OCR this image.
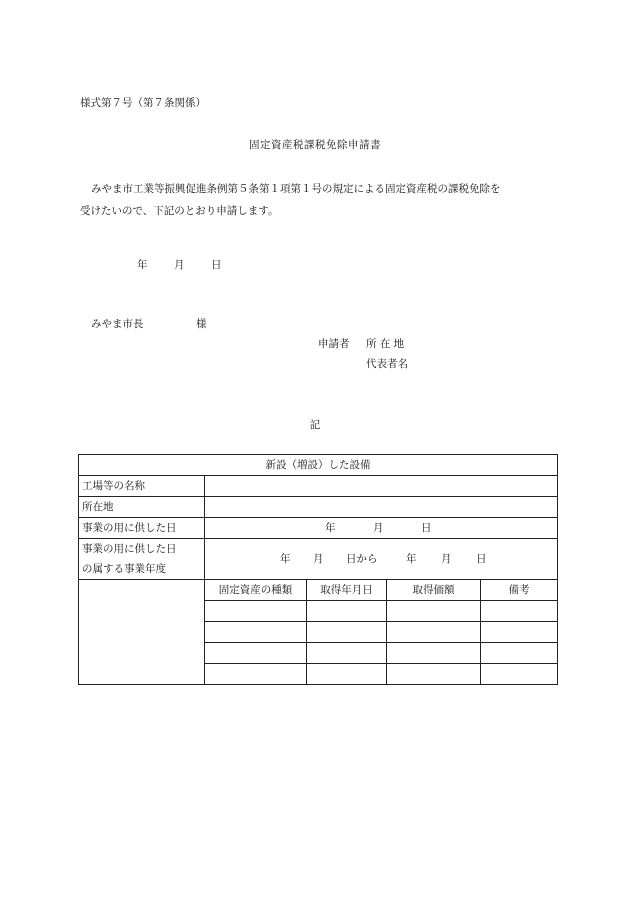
様式第７号（第７条関係）
固定資産税課税免除申請書

みやま市工業等振興促進条例第５条第１項第１号の規定による固定資産税の課税免除を

受けたいので、下記のとおり申請します。

年	月	日
みやま市長	様
申請者 所 在 地
代表者名
記
新設（増設）した設備				
工場等の名称				
所在地				
事業の用に供した日	年 月 日			

事業の用に供した日
の属する事業年度	年 月 日から 年 月 日			
	固定資産の種類	取得年月日	取得価額	備考
